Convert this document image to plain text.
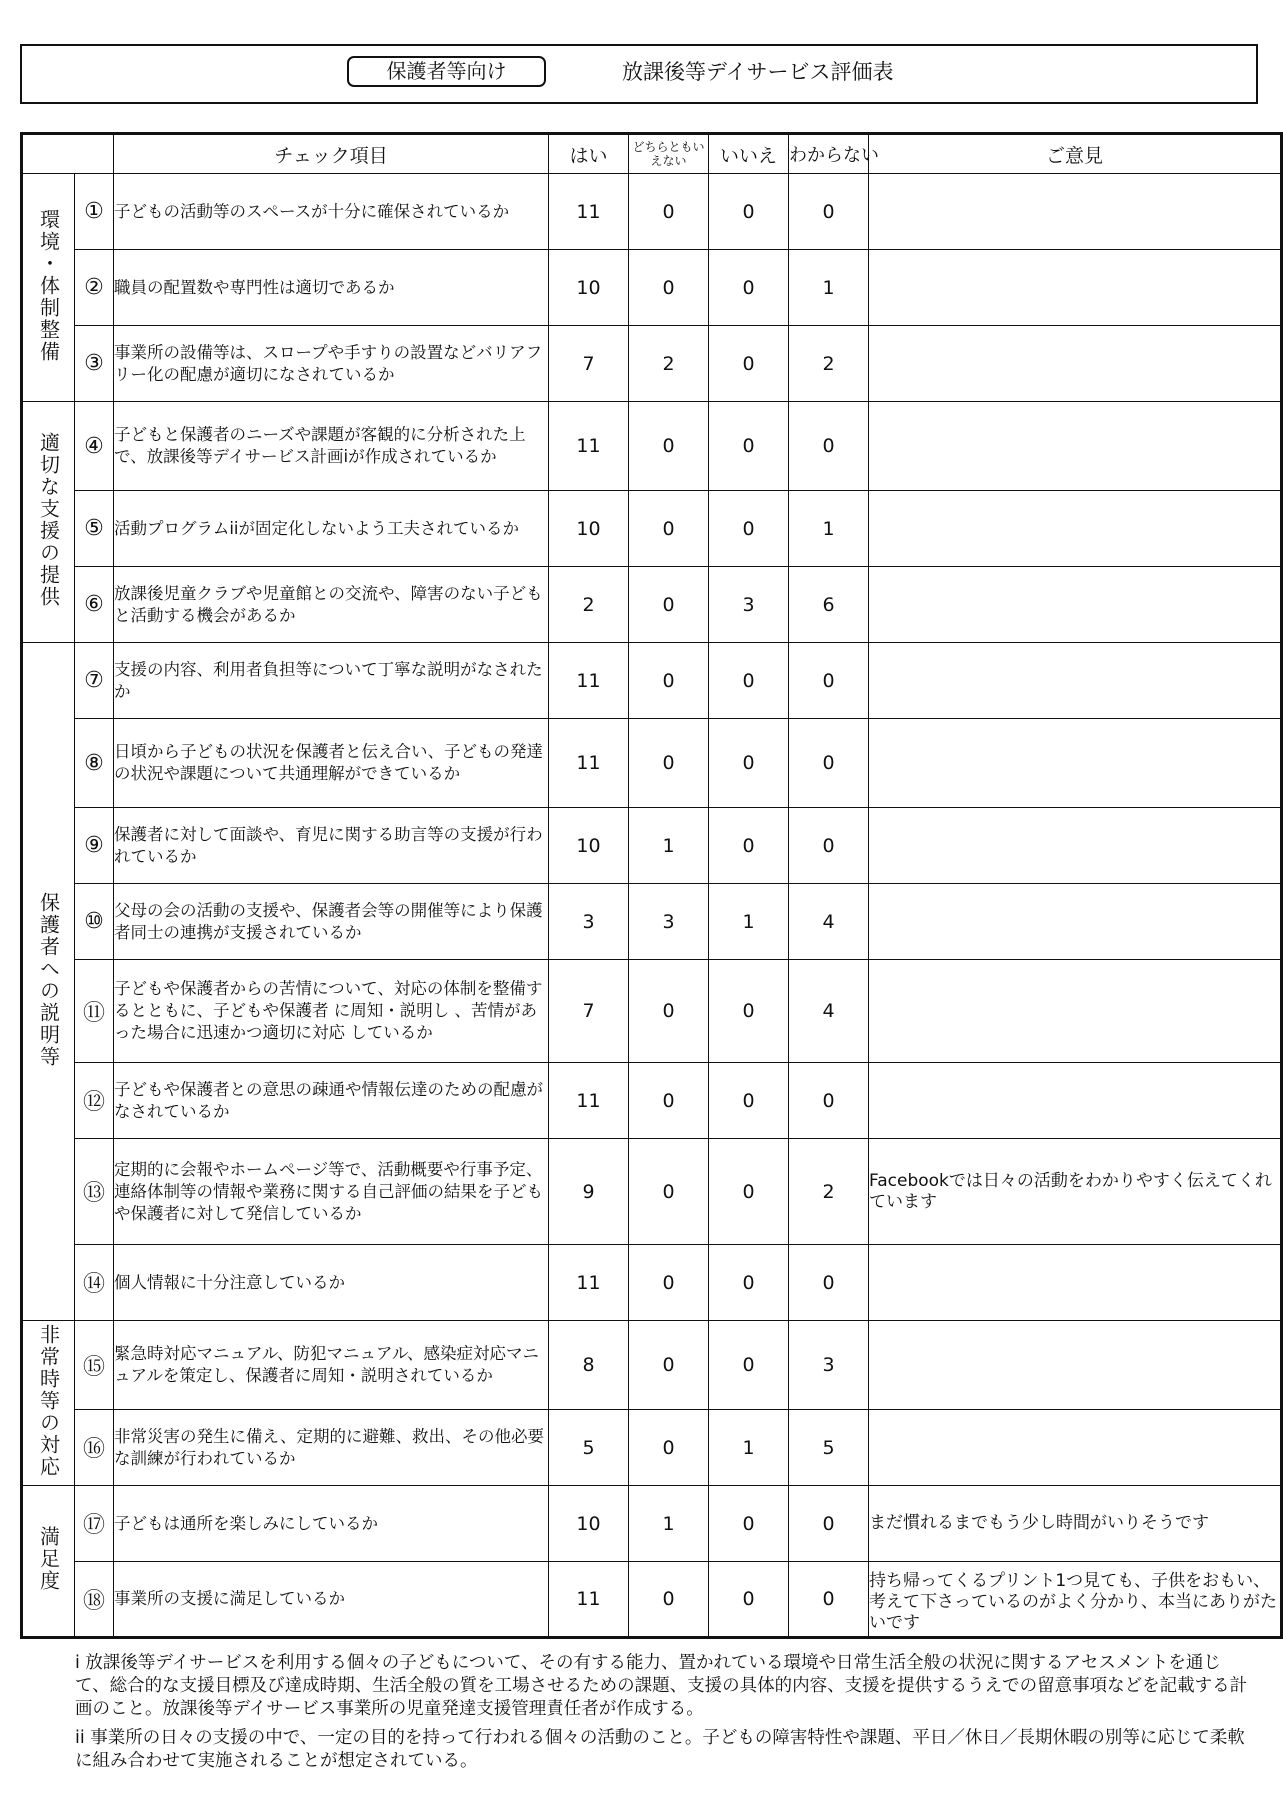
保護者等向け	放課後等デイサービス評価表
		チェック項目	はい	どちらともいえない	いいえ	わからない	ご意見
環境・体制整備	①	子どもの活動等のスペースが十分に確保されているか	11	0	0	0	
	②	職員の配置数や専門性は適切であるか	10	0	0	1	
	③	事業所の設備等は、スロープや手すりの設置などバリアフリー化の配慮が適切になされているか	7	2	0	2	
適切な支援の提供	④	子どもと保護者のニーズや課題が客観的に分析された上で、放課後等デイサービス計画iが作成されているか	11	0	0	0	
	⑤	活動プログラムiiが固定化しないよう工夫されているか	10	0	0	1	
	⑥	放課後児童クラブや児童館との交流や、障害のない子どもと活動する機会があるか	2	0	3	6	
保護者への説明等	⑦	支援の内容、利用者負担等について丁寧な説明がなされたか	11	0	0	0	
	⑧	日頃から子どもの状況を保護者と伝え合い、子どもの発達の状況や課題について共通理解ができているか	11	0	0	0	
	⑨	保護者に対して面談や、育児に関する助言等の支援が行われているか	10	1	0	0	
	⑩	父母の会の活動の支援や、保護者会等の開催等により保護者同士の連携が支援されているか	3	3	1	4	
	⑪	子どもや保護者からの苦情について、対応の体制を整備するとともに、子どもや保護者 に周知・説明し 、苦情があった場合に迅速かつ適切に対応 しているか	7	0	0	4	
	⑫	子どもや保護者との意思の疎通や情報伝達のための配慮がなされているか	11	0	0	0	
	⑬	定期的に会報やホームページ等で、活動概要や行事予定、連絡体制等の情報や業務に関する自己評価の結果を子どもや保護者に対して発信しているか	9	0	0	2	Facebookでは日々の活動をわかりやすく伝えてくれています
	⑭	個人情報に十分注意しているか	11	0	0	0	
非常時等の対応	⑮	緊急時対応マニュアル、防犯マニュアル、感染症対応マニュアルを策定し、保護者に周知・説明されているか	8	0	0	3	
	⑯	非常災害の発生に備え、定期的に避難、救出、その他必要な訓練が行われているか	5	0	1	5	
満足度	⑰	子どもは通所を楽しみにしているか	10	1	0	0	まだ慣れるまでもう少し時間がいりそうです
	⑱	事業所の支援に満足しているか	11	0	0	0	持ち帰ってくるプリント1つ見ても、子供をおもい、考えて下さっているのがよく分かり、本当にありがたいです

i 放課後等デイサービスを利用する個々の子どもについて、その有する能力、置かれている環境や日常生活全般の状況に関するアセスメントを通じて、総合的な支援目標及び達成時期、生活全般の質を工場させるための課題、支援の具体的内容、支援を提供するうえでの留意事項などを記載する計画のこと。放課後等デイサービス事業所の児童発達支援管理責任者が作成する。

ii 事業所の日々の支援の中で、一定の目的を持って行われる個々の活動のこと。子どもの障害特性や課題、平日／休日／長期休暇の別等に応じて柔軟に組み合わせて実施されることが想定されている。
